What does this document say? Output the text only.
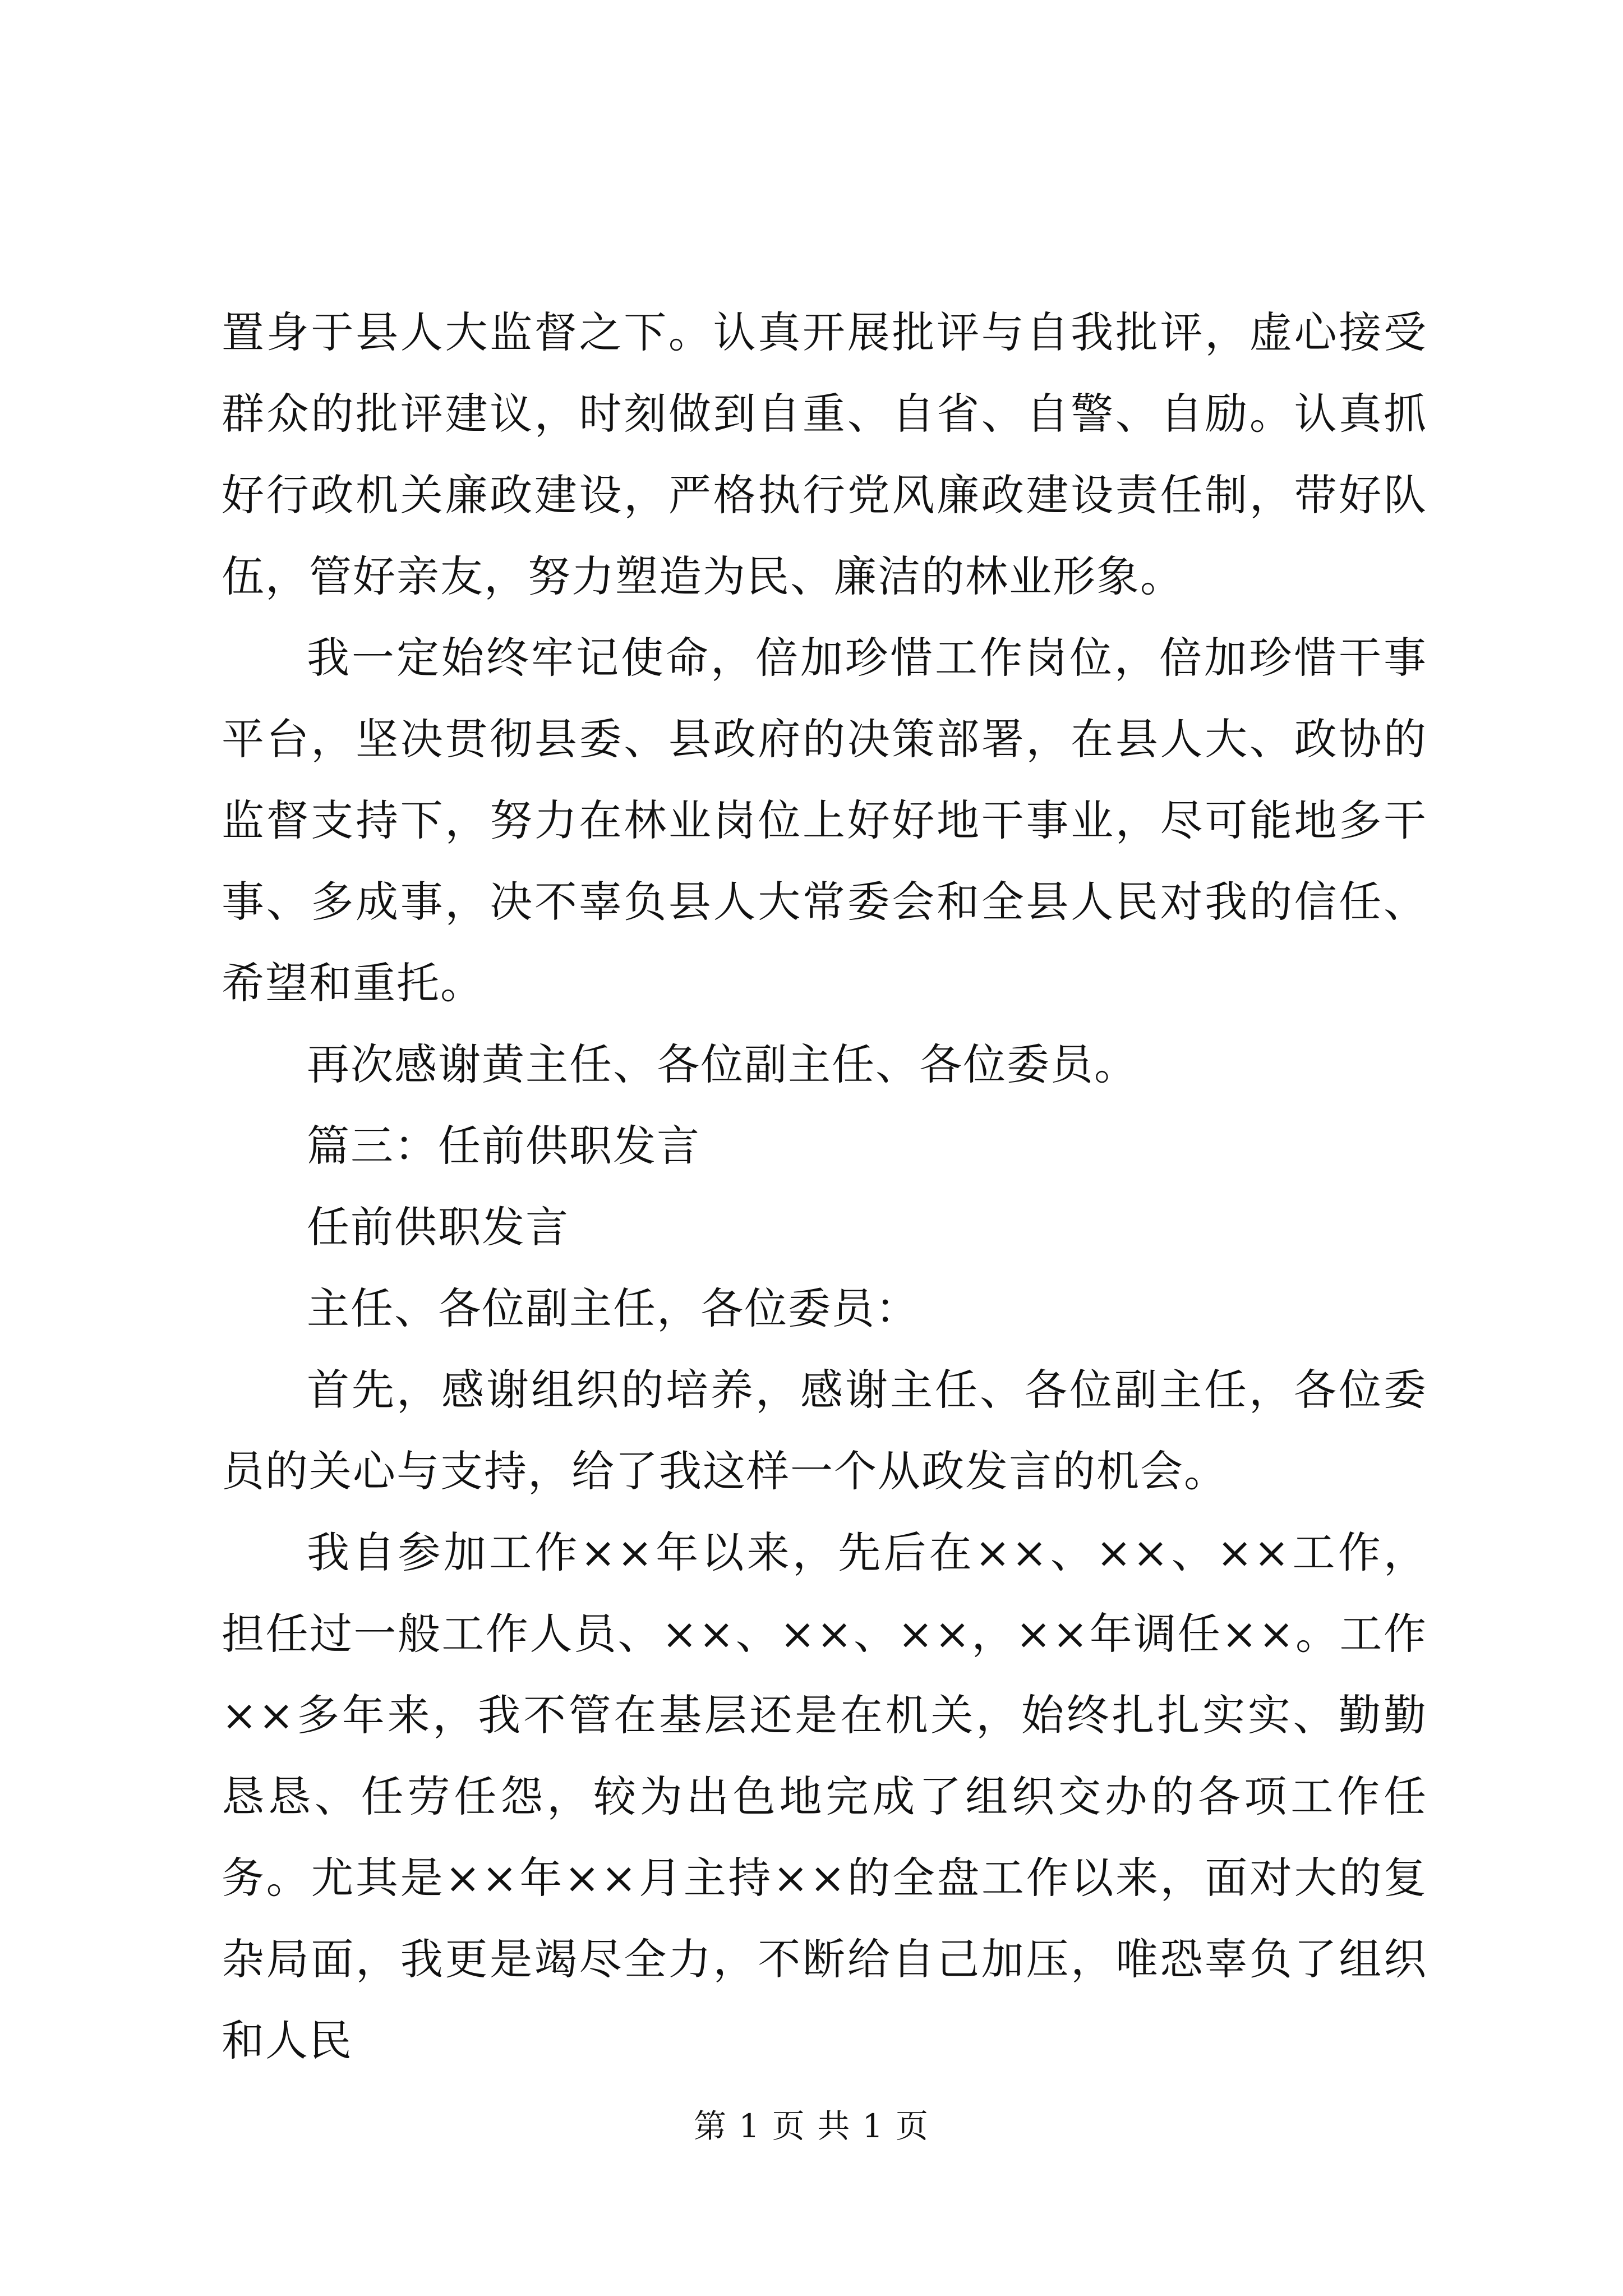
置身于县人大监督之下。认真开展批评与自我批评，虚心接受群众的批评建议，时刻做到自重、自省、自警、自励。认真抓好行政机关廉政建设，严格执行党风廉政建设责任制，带好队伍，管好亲友，努力塑造为民、廉洁的林业形象。

我一定始终牢记使命，倍加珍惜工作岗位，倍加珍惜干事平台，坚决贯彻县委、县政府的决策部署，在县人大、政协的监督支持下，努力在林业岗位上好好地干事业，尽可能地多干事、多成事，决不辜负县人大常委会和全县人民对我的信任、希望和重托。

再次感谢黄主任、各位副主任、各位委员。

篇三：任前供职发言

任前供职发言

主任、各位副主任，各位委员：

首先，感谢组织的培养，感谢主任、各位副主任，各位委员的关心与支持，给了我这样一个从政发言的机会。

我自参加工作××年以来，先后在××、××、××工作，担任过一般工作人员、××、××、××，××年调任××。工作××多年来，我不管在基层还是在机关，始终扎扎实实、勤勤恳恳、任劳任怨，较为出色地完成了组织交办的各项工作任务。尤其是××年××月主持××的全盘工作以来，面对大的复杂局面，我更是竭尽全力，不断给自己加压，唯恐辜负了组织和人民

第 1 页 共 1 页
